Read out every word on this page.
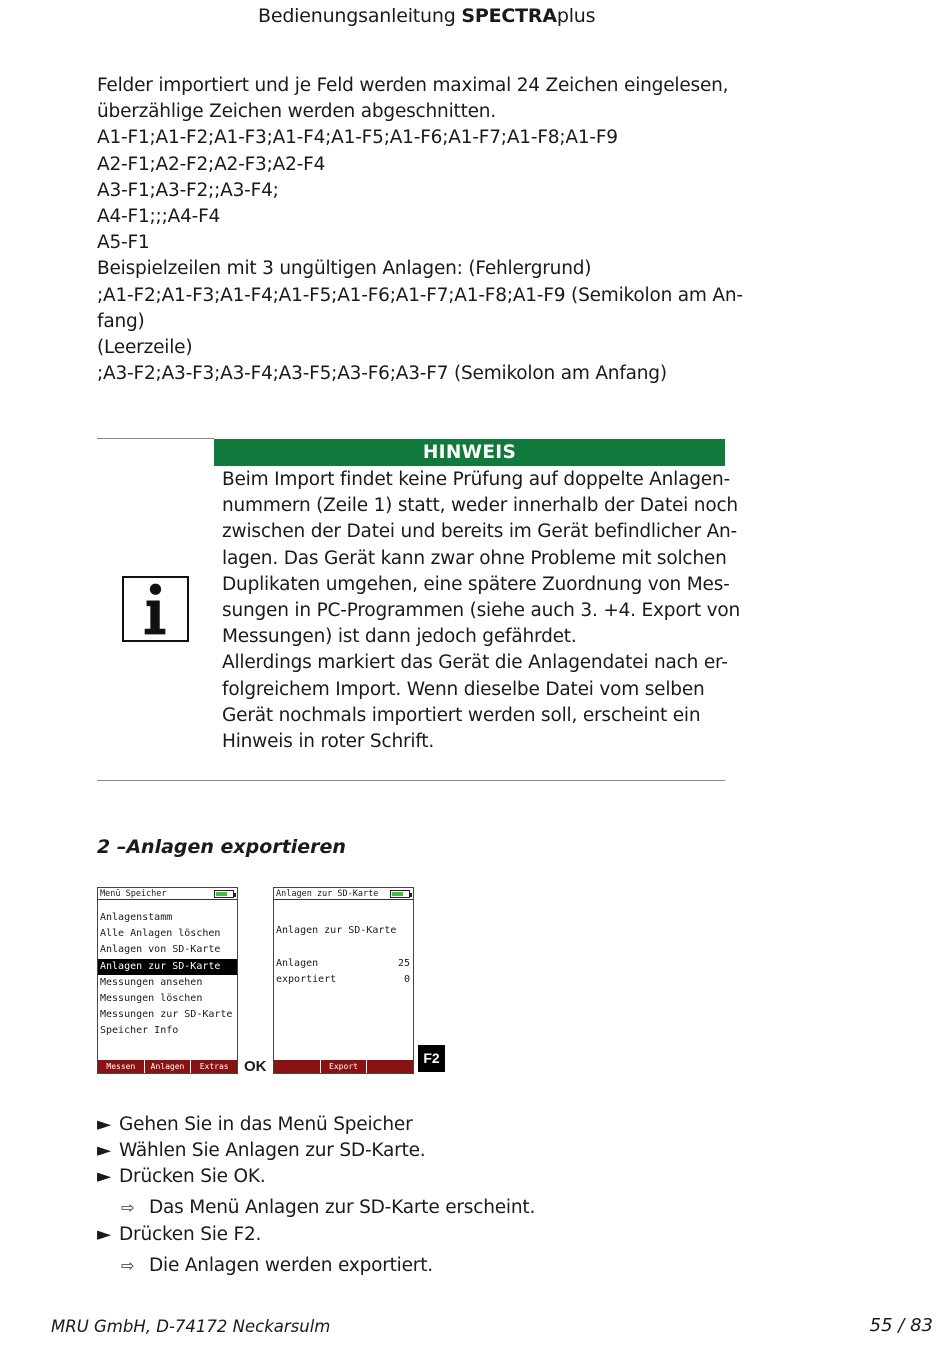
Bedienungsanleitung SPECTRAplus
Felder importiert und je Feld werden maximal 24 Zeichen eingelesen,
überzählige Zeichen werden abgeschnitten.
A1-F1;A1-F2;A1-F3;A1-F4;A1-F5;A1-F6;A1-F7;A1-F8;A1-F9
A2-F1;A2-F2;A2-F3;A2-F4
A3-F1;A3-F2;;A3-F4;
A4-F1;;;A4-F4
A5-F1
Beispielzeilen mit 3 ungültigen Anlagen: (Fehlergrund)
;A1-F2;A1-F3;A1-F4;A1-F5;A1-F6;A1-F7;A1-F8;A1-F9 (Semikolon am An-
fang)
(Leerzeile)
;A3-F2;A3-F3;A3-F4;A3-F5;A3-F6;A3-F7 (Semikolon am Anfang)
HINWEIS
Beim Import findet keine Prüfung auf doppelte Anlagen-
nummern (Zeile 1) statt, weder innerhalb der Datei noch
zwischen der Datei und bereits im Gerät befindlicher An-
lagen. Das Gerät kann zwar ohne Probleme mit solchen
Duplikaten umgehen, eine spätere Zuordnung von Mes-
sungen in PC-Programmen (siehe auch 3. +4. Export von
Messungen) ist dann jedoch gefährdet.
Allerdings markiert das Gerät die Anlagendatei nach er-
folgreichem Import. Wenn dieselbe Datei vom selben
Gerät nochmals importiert werden soll, erscheint ein
Hinweis in roter Schrift.
2 –Anlagen exportieren
Menü Speicher
Anlagenstamm
Alle Anlagen löschen
Anlagen von SD-Karte
Anlagen zur SD-Karte
Messungen ansehen
Messungen löschen
Messungen zur SD-Karte
Speicher Info
Messen	Anlagen	Extras	OK
Anlagen zur SD-Karte
Anlagen zur SD-Karte
Anlagen	25
exportiert	0
Export CSV
F2
► Gehen Sie in das Menü Speicher
► Wählen Sie Anlagen zur SD-Karte.
► Drücken Sie OK.
⇨ Das Menü Anlagen zur SD-Karte erscheint.
► Drücken Sie F2.
⇨ Die Anlagen werden exportiert.
MRU GmbH, D-74172 Neckarsulm	55 / 83
